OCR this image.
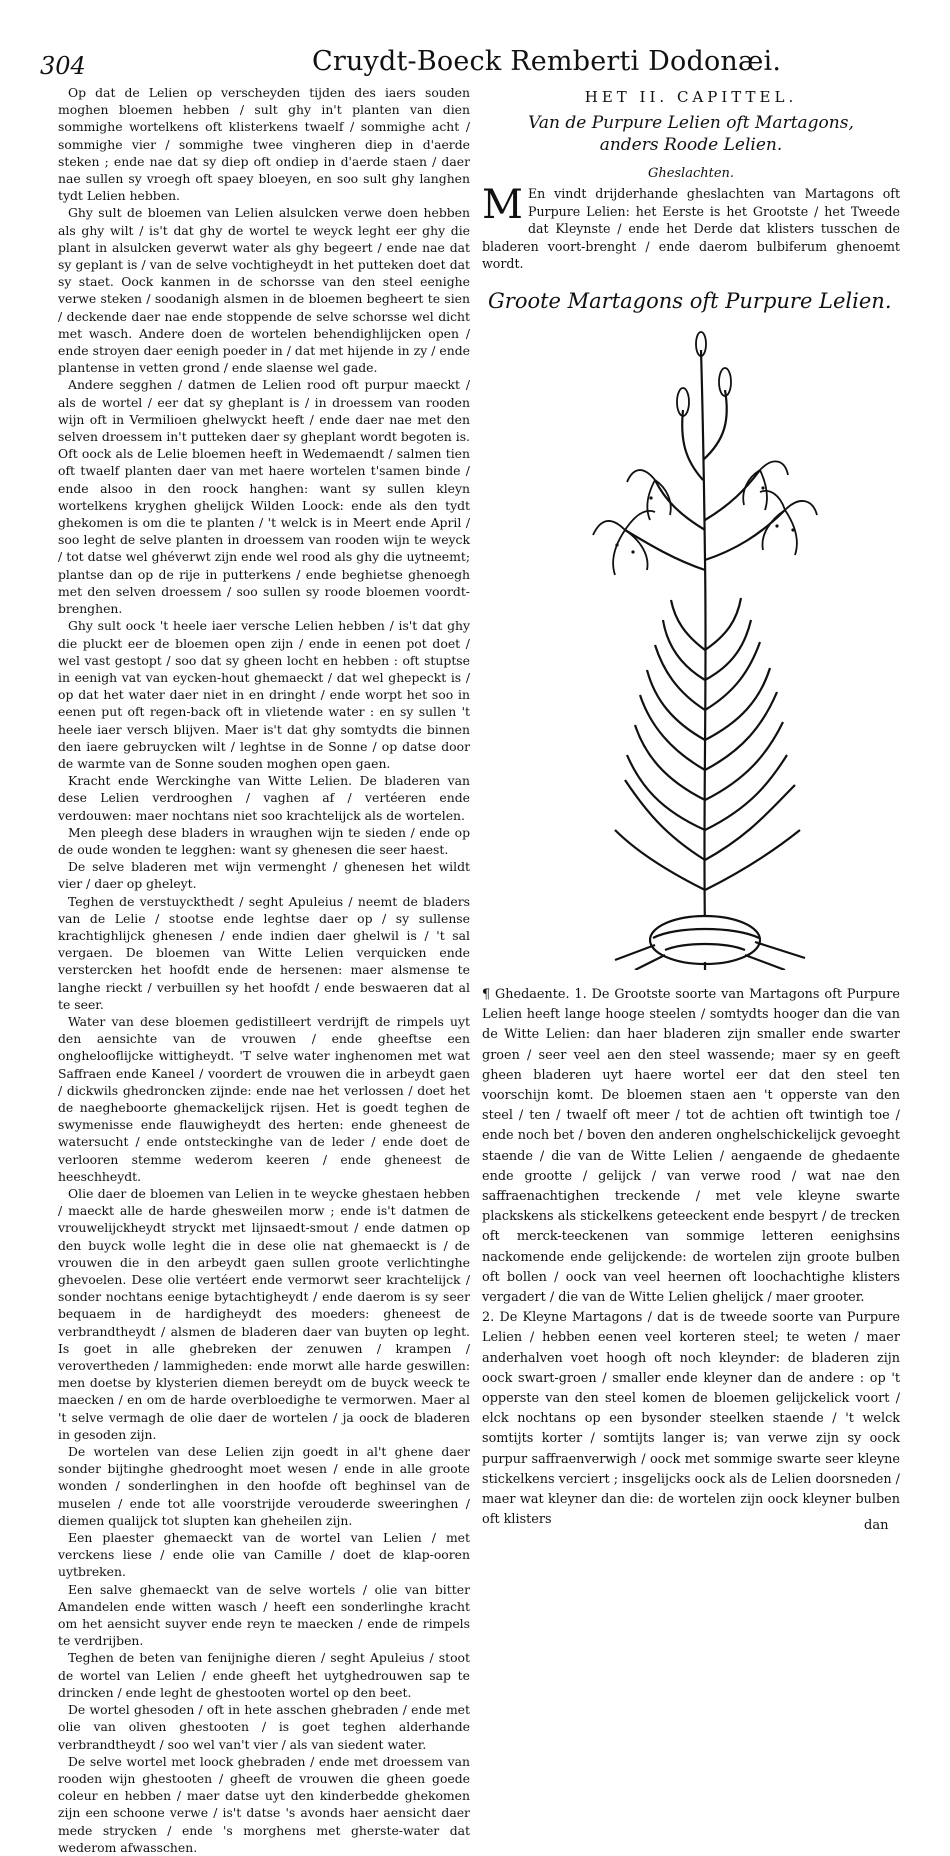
304	Cruydt-Boeck Remberti Dodonæi.

Op dat de Lelien op verscheyden tijden des iaers souden moghen bloemen hebben / sult ghy in't planten van dien sommighe wortelkens oft klisterkens twaelf / sommighe acht / sommighe vier / sommighe twee vingheren diep in d'aerde steken ; ende nae dat sy diep oft ondiep in d'aerde staen / daer nae sullen sy vroegh oft spaey bloeyen, en soo sult ghy langhen tydt Lelien hebben.

Ghy sult de bloemen van Lelien alsulcken verwe doen hebben als ghy wilt / is't dat ghy de wortel te weyck leght eer ghy die plant in alsulcken geverwt water als ghy begeert / ende nae dat sy geplant is / van de selve vochtigheydt in het putteken doet dat sy staet. Oock kanmen in de schorsse van den steel eenighe verwe steken / soodanigh alsmen in de bloemen begheert te sien / deckende daer nae ende stoppende de selve schorsse wel dicht met wasch. Andere doen de wortelen behendighlijcken open / ende stroyen daer eenigh poeder in / dat met hijende in zy / ende plantense in vetten grond / ende slaense wel gade.

Andere segghen / datmen de Lelien rood oft purpur maeckt / als de wortel / eer dat sy gheplant is / in droessem van rooden wijn oft in Vermilioen ghelwyckt heeft / ende daer nae met den selven droessem in't putteken daer sy gheplant wordt begoten is. Oft oock als de Lelie bloemen heeft in Wedemaendt / salmen tien oft twaelf planten daer van met haere wortelen t'samen binde / ende alsoo in den roock hanghen: want sy sullen kleyn wortelkens kryghen ghelijck Wilden Loock: ende als den tydt ghekomen is om die te planten / 't welck is in Meert ende April / soo leght de selve planten in droessem van rooden wijn te weyck / tot datse wel ghéverwt zijn ende wel rood als ghy die uytneemt; plantse dan op de rije in putterkens / ende beghietse ghenoegh met den selven droessem / soo sullen sy roode bloemen voordt-brenghen.

Ghy sult oock 't heele iaer versche Lelien hebben / is't dat ghy die pluckt eer de bloemen open zijn / ende in eenen pot doet / wel vast gestopt / soo dat sy gheen locht en hebben : oft stuptse in eenigh vat van eycken-hout ghemaeckt / dat wel ghepeckt is / op dat het water daer niet in en dringht / ende worpt het soo in eenen put oft regen-back oft in vlietende water : en sy sullen 't heele iaer versch blijven. Maer is't dat ghy somtydts die binnen den iaere gebruycken wilt / leghtse in de Sonne / op datse door de warmte van de Sonne souden moghen open gaen.

Kracht ende Werckinghe van Witte Lelien. De bladeren van dese Lelien verdrooghen / vaghen af / vertéeren ende verdouwen: maer nochtans niet soo krachtelijck als de wortelen.

Men pleegh dese bladers in wraughen wijn te sieden / ende op de oude wonden te legghen: want sy ghenesen die seer haest.

De selve bladeren met wijn vermenght / ghenesen het wildt vier / daer op gheleyt.

Teghen de verstuyckthedt / seght Apuleius / neemt de bladers van de Lelie / stootse ende leghtse daer op / sy sullense krachtighlijck ghenesen / ende indien daer ghelwil is / 't sal vergaen. De bloemen van Witte Lelien verquicken ende verstercken het hoofdt ende de hersenen: maer alsmense te langhe rieckt / verbuillen sy het hoofdt / ende beswaeren dat al te seer.

Water van dese bloemen gedistilleert verdrijft de rimpels uyt den aensichte van de vrouwen / ende gheeftse een onghelooflijcke wittigheydt. 'T selve water inghenomen met wat Saffraen ende Kaneel / voordert de vrouwen die in arbeydt gaen / dickwils ghedroncken zijnde: ende nae het verlossen / doet het de naegheboorte ghemackelijck rijsen. Het is goedt teghen de swymenisse ende flauwigheydt des herten: ende gheneest de watersucht / ende ontsteckinghe van de leder / ende doet de verlooren stemme wederom keeren / ende gheneest de heeschheydt.

Olie daer de bloemen van Lelien in te weycke ghestaen hebben / maeckt alle de harde ghesweilen morw ; ende is't datmen de vrouwelijckheydt stryckt met lijnsaedt-smout / ende datmen op den buyck wolle leght die in dese olie nat ghemaeckt is / de vrouwen die in den arbeydt gaen sullen groote verlichtinghe ghevoelen. Dese olie vertéert ende vermorwt seer krachtelijck / sonder nochtans eenige bytachtigheydt / ende daerom is sy seer bequaem in de hardigheydt des moeders: gheneest de verbrandtheydt / alsmen de bladeren daer van buyten op leght. Is goet in alle ghebreken der zenuwen / krampen / verovertheden / lammigheden: ende morwt alle harde geswillen: men doetse by klysterien diemen bereydt om de buyck weeck te maecken / en om de harde overbloedighe te vermorwen. Maer al 't selve vermagh de olie daer de wortelen / ja oock de bladeren in gesoden zijn.

De wortelen van dese Lelien zijn goedt in al't ghene daer sonder bijtinghe ghedrooght moet wesen / ende in alle groote wonden / sonderlinghen in den hoofde oft beghinsel van de muselen / ende tot alle voorstrijde verouderde sweeringhen / diemen qualijck tot slupten kan gheheilen zijn.

Een plaester ghemaeckt van de wortel van Lelien / met verckens liese / ende olie van Camille / doet de klap-ooren uytbreken.

Een salve ghemaeckt van de selve wortels / olie van bitter Amandelen ende witten wasch / heeft een sonderlinghe kracht om het aensicht suyver ende reyn te maecken / ende de rimpels te verdrijben.

Teghen de beten van fenijnighe dieren / seght Apuleius / stoot de wortel van Lelien / ende gheeft het uytghedrouwen sap te drincken / ende leght de ghestooten wortel op den beet.

De wortel ghesoden / oft in hete asschen ghebraden / ende met olie van oliven ghestooten / is goet teghen alderhande verbrandtheydt / soo wel van't vier / als van siedent water.

De selve wortel met loock ghebraden / ende met droessem van rooden wijn ghestooten / gheeft de vrouwen die gheen goede coleur en hebben / maer datse uyt den kinderbedde ghekomen zijn een schoone verwe / is't datse 's avonds haer aensicht daer mede strycken / ende 's morghens met gherste-water dat wederom afwasschen.

HET II. CAPITTEL.

Van de Purpure Lelien oft Martagons,
anders Roode Lelien.

Gheslachten.

M En vindt drijderhande gheslachten van Martagons oft Purpure Lelien: het Eerste is het Grootste / het Tweede dat Kleynste / ende het Derde dat klisters tusschen de bladeren voort-brenght / ende daerom bulbiferum ghenoemt wordt.

Groote Martagons oft Purpure Lelien.

¶ Ghedaente. 1. De Grootste soorte van Martagons oft Purpure Lelien heeft lange hooge steelen / somtydts hooger dan die van de Witte Lelien: dan haer bladeren zijn smaller ende swarter groen / seer veel aen den steel wassende; maer sy en geeft gheen bladeren uyt haere wortel eer dat den steel ten voorschijn komt. De bloemen staen aen 't opperste van den steel / ten / twaelf oft meer / tot de achtien oft twintigh toe / ende noch bet / boven den anderen onghelschickelijck gevoeght staende / die van de Witte Lelien / aengaende de ghedaente ende grootte / gelijck / van verwe rood / wat nae den saffraenachtighen treckende / met vele kleyne swarte plackskens als stickelkens geteeckent ende bespyrt / de trecken oft merck-teeckenen van sommige letteren eenighsins nackomende ende gelijckende: de wortelen zijn groote bulben oft bollen / oock van veel heernen oft loochachtighe klisters vergadert / die van de Witte Lelien ghelijck / maer grooter.

2. De Kleyne Martagons / dat is de tweede soorte van Purpure Lelien / hebben eenen veel korteren steel; te weten / maer anderhalven voet hoogh oft noch kleynder: de bladeren zijn oock swart-groen / smaller ende kleyner dan de andere : op 't opperste van den steel komen de bloemen gelijckelick voort / elck nochtans op een bysonder steelken staende / 't welck somtijts korter / somtijts langer is; van verwe zijn sy oock purpur saffraenverwigh / oock met sommige swarte seer kleyne stickelkens verciert ; insgelijcks oock als de Lelien doorsneden / maer wat kleyner dan die: de wortelen zijn oock kleyner bulben oft klisters	dan
